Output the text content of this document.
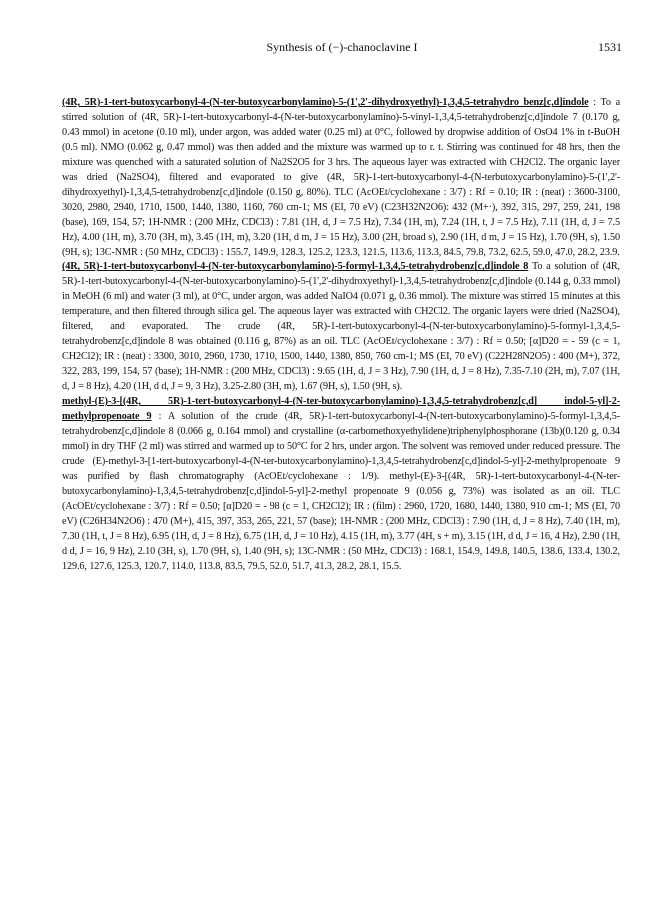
Synthesis of (−)-chanoclavine I	1531

(4R, 5R)-1-tert-butoxycarbonyl-4-(N-ter-butoxycarbonylamino)-5-(1',2'-dihydroxyethyl)-1,3,4,5-tetrahydro benz[c,d]indole : To a stirred solution of (4R, 5R)-1-tert-butoxycarbonyl-4-(N-ter-butoxycarbonylamino)-5-vinyl-1,3,4,5-tetrahydrobenz[c,d]indole 7 (0.170 g, 0.43 mmol) in acetone (0.10 ml), under argon, was added water (0.25 ml) at 0°C, followed by dropwise addition of OsO4 1% in t-BuOH (0.5 ml). NMO (0.062 g, 0.47 mmol) was then added and the mixture was warmed up to r. t. Stirring was continued for 48 hrs, then the mixture was quenched with a saturated solution of Na2S2O5 for 3 hrs. The aqueous layer was extracted with CH2Cl2. The organic layer was dried (Na2SO4), filtered and evaporated to give (4R, 5R)-1-tert-butoxycarbonyl-4-(N-terbutoxycarbonylamino)-5-(1',2'-dihydroxyethyl)-1,3,4,5-tetrahydrobenz[c,d]indole (0.150 g, 80%). TLC (AcOEt/cyclohexane : 3/7) : Rf = 0.10; IR : (neat) : 3600-3100, 3020, 2980, 2940, 1710, 1500, 1440, 1380, 1160, 760 cm-1; MS (EI, 70 eV) (C23H32N2O6): 432 (M+·), 392, 315, 297, 259, 241, 198 (base), 169, 154, 57; 1H-NMR : (200 MHz, CDCl3) : 7.81 (1H, d, J = 7.5 Hz), 7.34 (1H, m), 7.24 (1H, t, J = 7.5 Hz), 7.11 (1H, d, J = 7.5 Hz), 4.00 (1H, m), 3.70 (3H, m), 3.45 (1H, m), 3.20 (1H, d m, J = 15 Hz), 3.00 (2H, broad s), 2.90 (1H, d m, J = 15 Hz), 1.70 (9H, s), 1.50 (9H, s); 13C-NMR : (50 MHz, CDCl3) : 155.7, 149.9, 128.3, 125.2, 123.3, 121.5, 113.6, 113.3, 84.5, 79.8, 73.2, 62.5, 59.0, 47.0, 28.2, 23.9.

(4R, 5R)-1-tert-butoxycarbonyl-4-(N-ter-butoxycarbonylamino)-5-formyl-1,3,4,5-tetrahydrobenz[c,d]indole 8 To a solution of (4R, 5R)-1-tert-butoxycarbonyl-4-(N-ter-butoxycarbonylamino)-5-(1',2'-dihydroxyethyl)-1,3,4,5-tetrahydrobenz[c,d]indole (0.144 g, 0.33 mmol) in MeOH (6 ml) and water (3 ml), at 0°C, under argon, was added NaIO4 (0.071 g, 0.36 mmol). The mixture was stirred 15 minutes at this temperature, and then filtered through silica gel. The aqueous layer was extracted with CH2Cl2. The organic layers were dried (Na2SO4), filtered, and evaporated. The crude (4R, 5R)-1-tert-butoxycarbonyl-4-(N-ter-butoxycarbonylamino)-5-formyl-1,3,4,5-tetrahydrobenz[c,d]indole 8 was obtained (0.116 g, 87%) as an oil. TLC (AcOEt/cyclohexane : 3/7) : Rf = 0.50; [α]D20 = - 59 (c = 1, CH2Cl2); IR : (neat) : 3300, 3010, 2960, 1730, 1710, 1500, 1440, 1380, 850, 760 cm-1; MS (EI, 70 eV) (C22H28N2O5) : 400 (M+), 372, 322, 283, 199, 154, 57 (base); 1H-NMR : (200 MHz, CDCl3) : 9.65 (1H, d, J = 3 Hz), 7.90 (1H, d, J = 8 Hz), 7.35-7.10 (2H, m), 7.07 (1H, d, J = 8 Hz), 4.20 (1H, d d, J = 9, 3 Hz), 3.25-2.80 (3H, m), 1.67 (9H, s), 1.50 (9H, s).

methyl-(E)-3-[(4R, 5R)-1-tert-butoxycarbonyl-4-(N-ter-butoxycarbonylamino)-1,3,4,5-tetrahydrobenz[c,d] indol-5-yl]-2-methylpropenoate 9 : A solution of the crude (4R, 5R)-1-tert-butoxycarbonyl-4-(N-tert-butoxycarbonylamino)-5-formyl-1,3,4,5-tetrahydrobenz[c,d]indole 8 (0.066 g, 0.164 mmol) and crystalline (α-carbomethoxyethylidene)triphenylphosphorane (13b)(0.120 g, 0.34 mmol) in dry THF (2 ml) was stirred and warmed up to 50°C for 2 hrs, under argon. The solvent was removed under reduced pressure. The crude (E)-methyl-3-[1-tert-butoxycarbonyl-4-(N-ter-butoxycarbonylamino)-1,3,4,5-tetrahydrobenz[c,d]indol-5-yl]-2-methylpropenoate 9 was purified by flash chromatography (AcOEt/cyclohexane : 1/9). methyl-(E)-3-[(4R, 5R)-1-tert-butoxycarbonyl-4-(N-ter-butoxycarbonylamino)-1,3,4,5-tetrahydrobenz[c,d]indol-5-yl]-2-methyl propenoate 9 (0.056 g, 73%) was isolated as an oil. TLC (AcOEt/cyclohexane : 3/7) : Rf = 0.50; [α]D20 = - 98 (c = 1, CH2Cl2); IR : (film) : 2960, 1720, 1680, 1440, 1380, 910 cm-1; MS (EI, 70 eV) (C26H34N2O6) : 470 (M+), 415, 397, 353, 265, 221, 57 (base); 1H-NMR : (200 MHz, CDCl3) : 7.90 (1H, d, J = 8 Hz), 7.40 (1H, m), 7.30 (1H, t, J = 8 Hz), 6.95 (1H, d, J = 8 Hz), 6.75 (1H, d, J = 10 Hz), 4.15 (1H, m), 3.77 (4H, s + m), 3.15 (1H, d d, J = 16, 4 Hz), 2.90 (1H, d d, J = 16, 9 Hz), 2.10 (3H, s), 1.70 (9H, s), 1.40 (9H, s); 13C-NMR : (50 MHz, CDCl3) : 168.1, 154.9, 149.8, 140.5, 138.6, 133.4, 130.2, 129.6, 127.6, 125.3, 120.7, 114.0, 113.8, 83.5, 79.5, 52.0, 51.7, 41.3, 28.2, 28.1, 15.5.
